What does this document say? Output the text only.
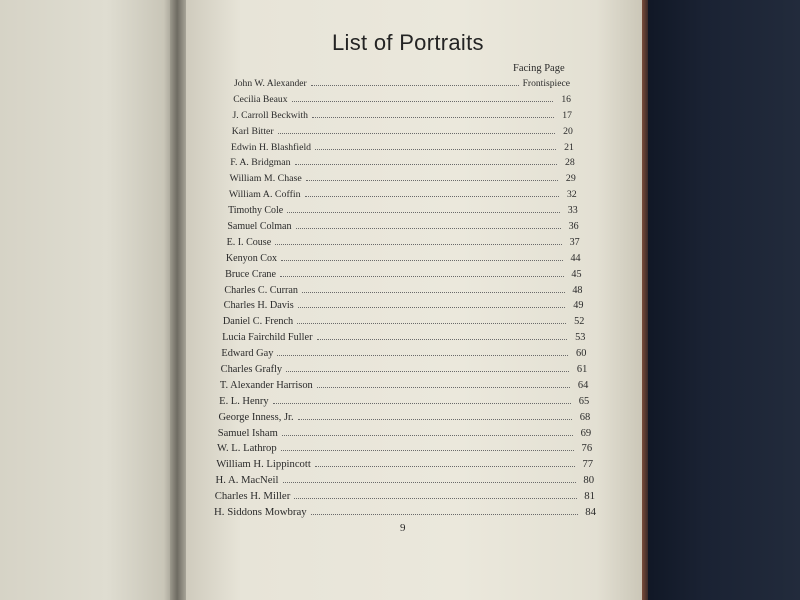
List of Portraits
Facing Page
John W. Alexander	Frontispiece
Cecilia Beaux	16
J. Carroll Beckwith	17
Karl Bitter	20
Edwin H. Blashfield	21
F. A. Bridgman	28
William M. Chase	29
William A. Coffin	32
Timothy Cole	33
Samuel Colman	36
E. I. Couse	37
Kenyon Cox	44
Bruce Crane	45
Charles C. Curran	48
Charles H. Davis	49
Daniel C. French	52
Lucia Fairchild Fuller	53
Edward Gay	60
Charles Grafly	61
T. Alexander Harrison	64
E. L. Henry	65
George Inness, Jr.	68
Samuel Isham	69
W. L. Lathrop	76
William H. Lippincott	77
H. A. MacNeil	80
Charles H. Miller	81
H. Siddons Mowbray	84
9
